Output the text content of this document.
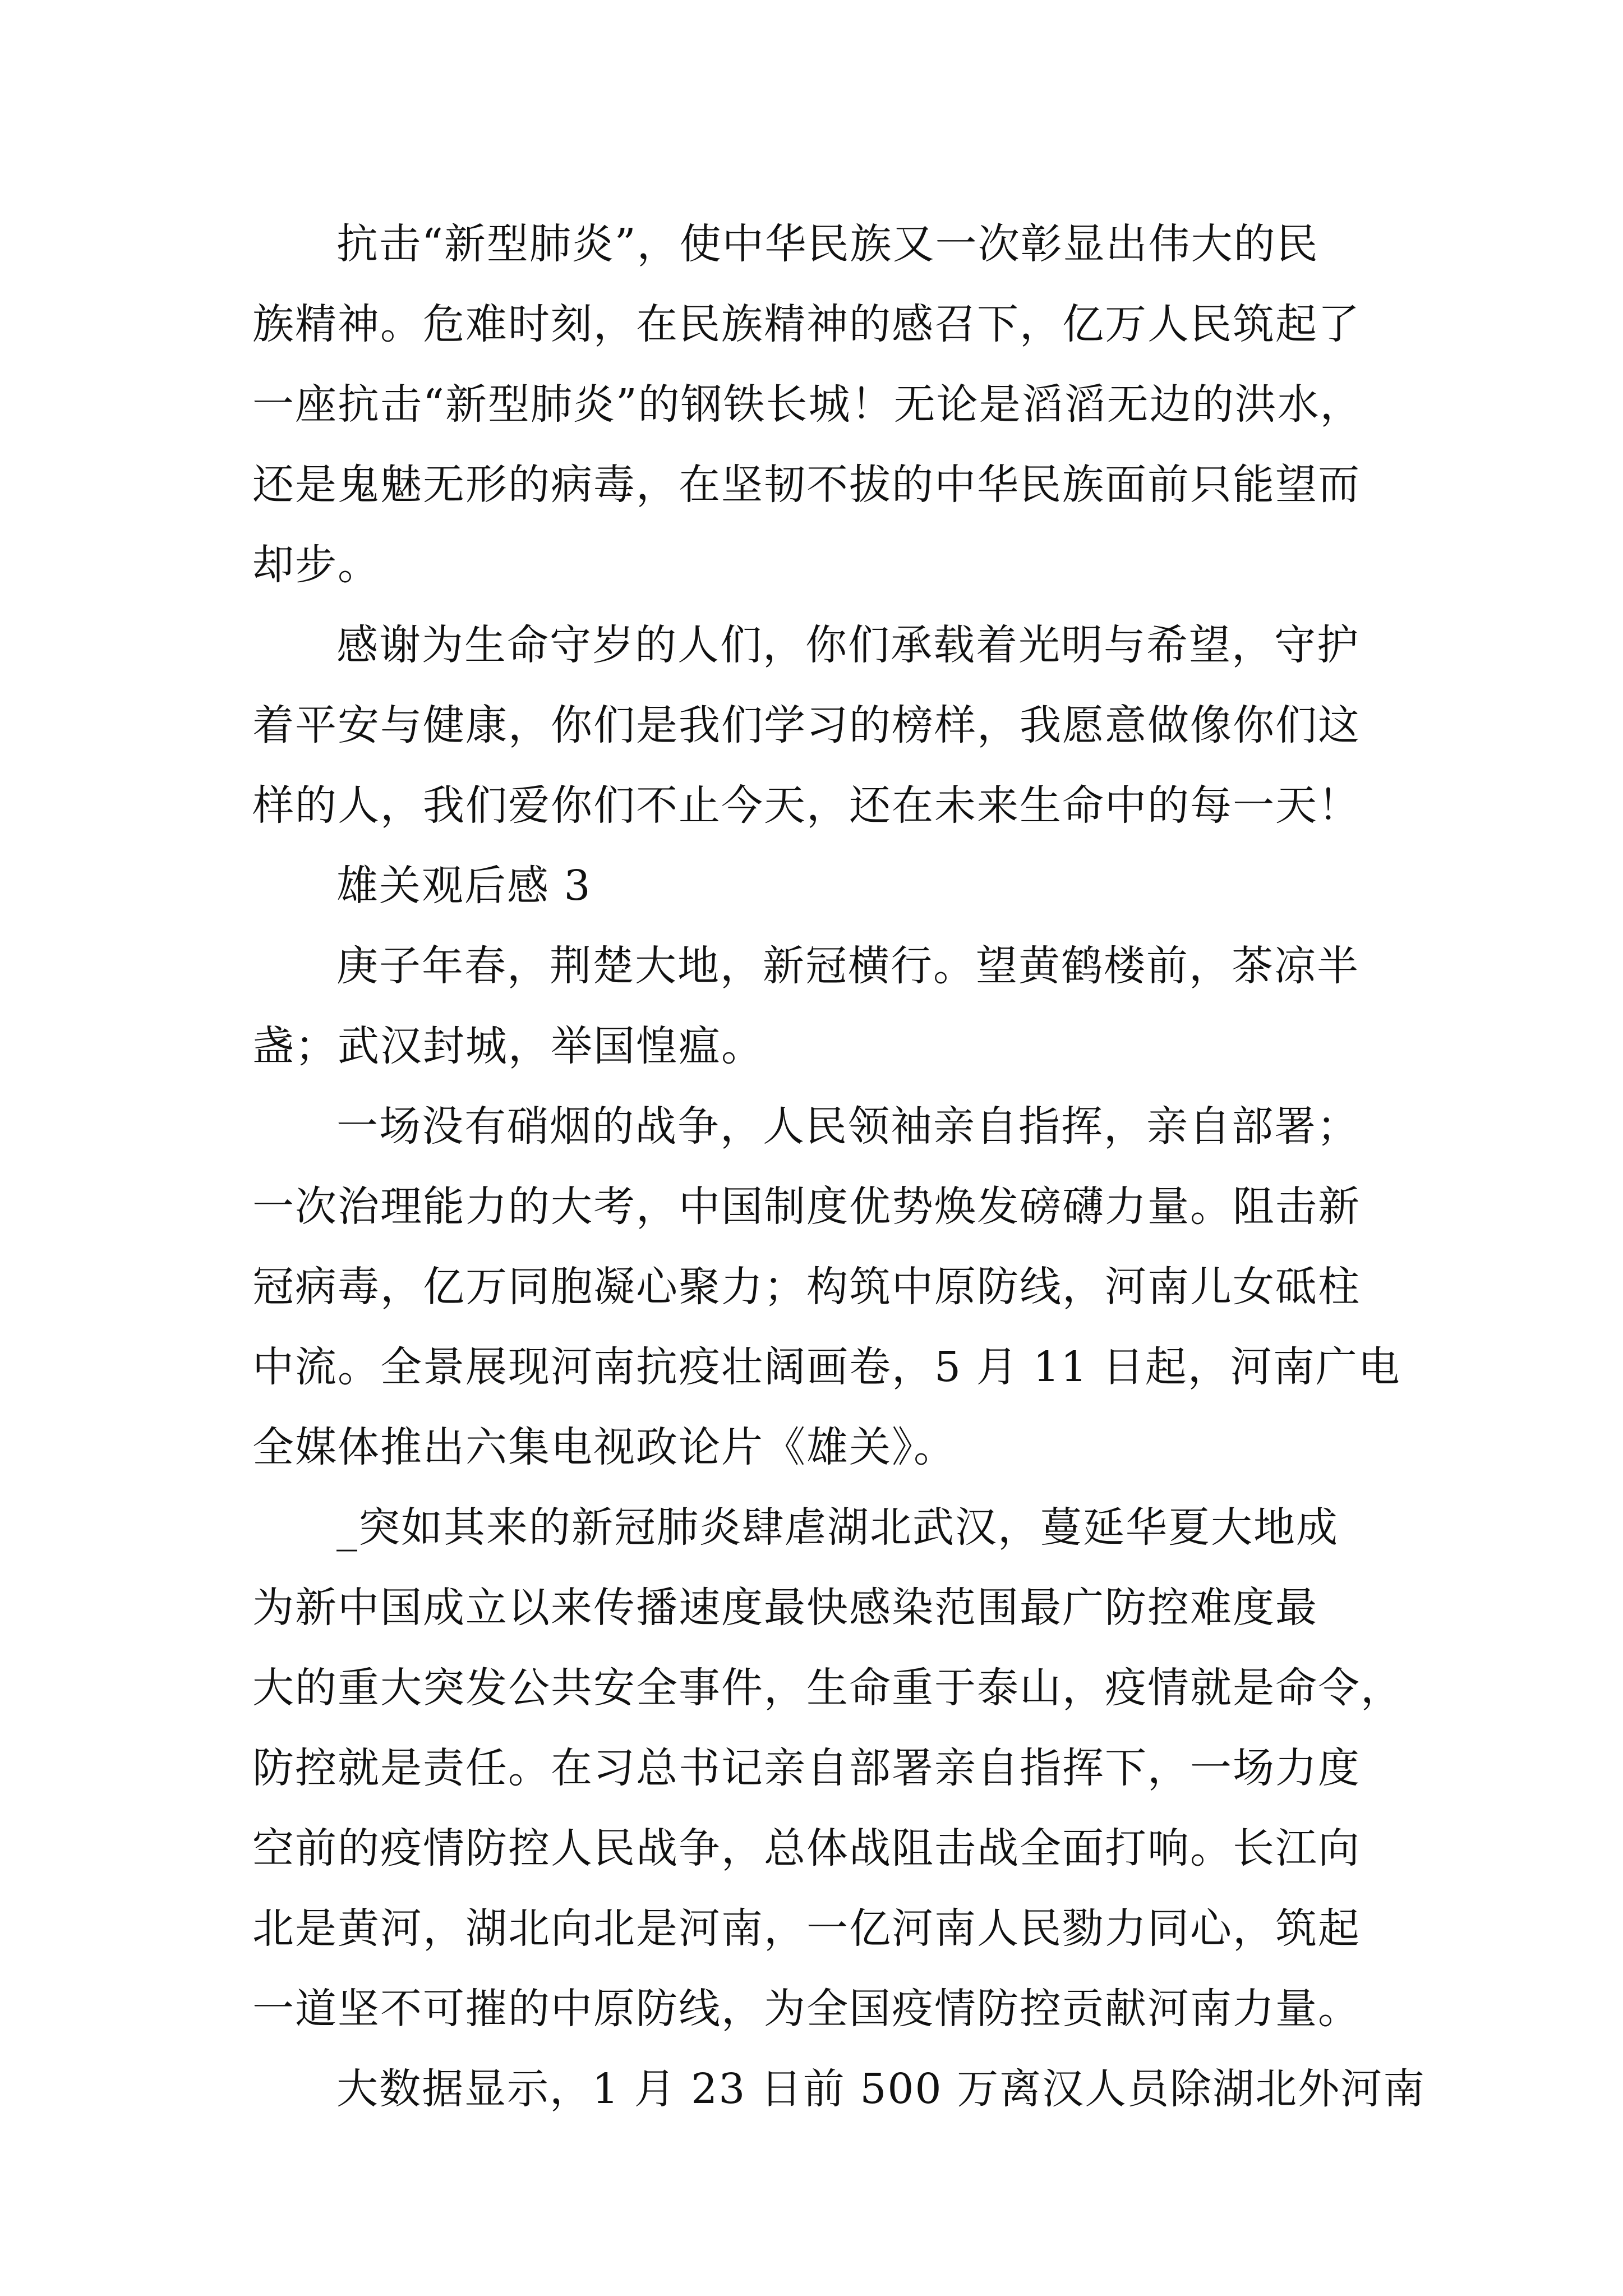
抗击“新型肺炎”，使中华民族又一次彰显出伟大的民
族精神。危难时刻，在民族精神的感召下，亿万人民筑起了
一座抗击“新型肺炎”的钢铁长城！无论是滔滔无边的洪水，
还是鬼魅无形的病毒，在坚韧不拔的中华民族面前只能望而
却步。
感谢为生命守岁的人们，你们承载着光明与希望，守护
着平安与健康，你们是我们学习的榜样，我愿意做像你们这
样的人，我们爱你们不止今天，还在未来生命中的每一天！
雄关观后感 3
庚子年春，荆楚大地，新冠横行。望黄鹤楼前，茶凉半
盏；武汉封城，举国惶瘟。
一场没有硝烟的战争，人民领袖亲自指挥，亲自部署；
一次治理能力的大考，中国制度优势焕发磅礴力量。阻击新
冠病毒，亿万同胞凝心聚力；构筑中原防线，河南儿女砥柱
中流。全景展现河南抗疫壮阔画卷，5 月 11 日起，河南广电
全媒体推出六集电视政论片《雄关》。
_突如其来的新冠肺炎肆虐湖北武汉，蔓延华夏大地成
为新中国成立以来传播速度最快感染范围最广防控难度最
大的重大突发公共安全事件，生命重于泰山，疫情就是命令，
防控就是责任。在习总书记亲自部署亲自指挥下，一场力度
空前的疫情防控人民战争，总体战阻击战全面打响。长江向
北是黄河，湖北向北是河南，一亿河南人民勠力同心，筑起
一道坚不可摧的中原防线，为全国疫情防控贡献河南力量。
大数据显示，1 月 23 日前 500 万离汉人员除湖北外河南
